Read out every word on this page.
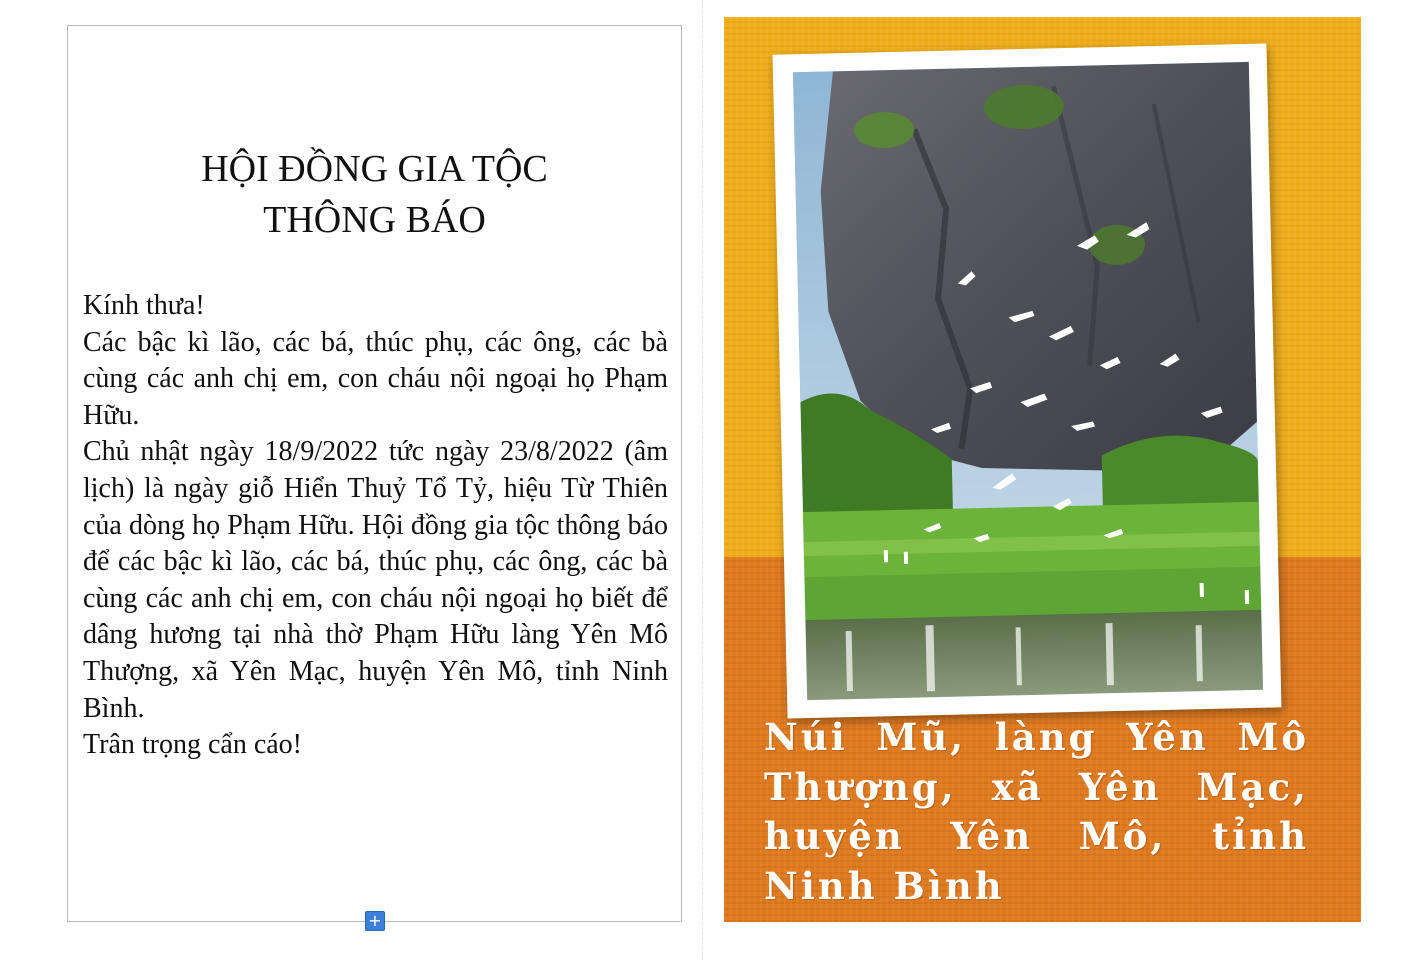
HỘI ĐỒNG GIA TỘC
THÔNG BÁO

Kính thưa!

Các bậc kì lão, các bá, thúc phụ, các ông, các bà cùng các anh chị em, con cháu nội ngoại họ Phạm Hữu.

Chủ nhật ngày 18/9/2022 tức ngày 23/8/2022 (âm lịch) là ngày giỗ Hiển Thuỷ Tổ Tỷ, hiệu Từ Thiên của dòng họ Phạm Hữu. Hội đồng gia tộc thông báo để các bậc kì lão, các bá, thúc phụ, các ông, các bà cùng các anh chị em, con cháu nội ngoại họ biết để dâng hương tại nhà thờ Phạm Hữu làng Yên Mô Thượng, xã Yên Mạc, huyện Yên Mô, tỉnh Ninh Bình.

Trân trọng cẩn cáo!

+
Núi Mũ, làng Yên Mô Thượng, xã Yên Mạc, huyện Yên Mô, tỉnh Ninh Bình
